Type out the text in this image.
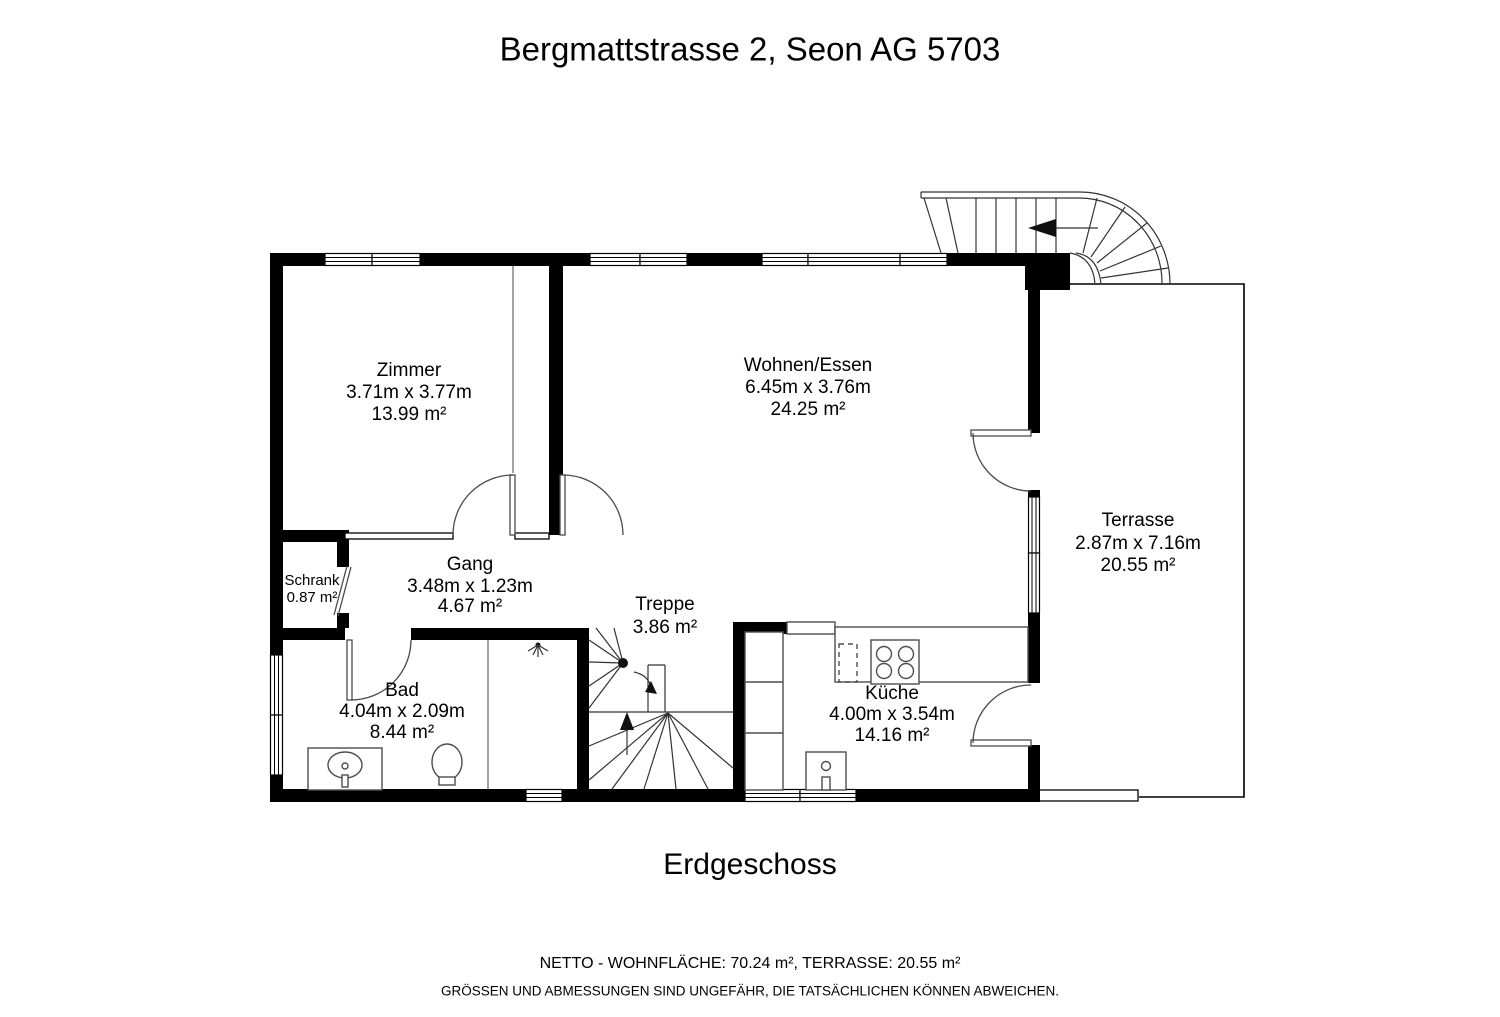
Bergmattstrasse 2, Seon AG 5703
Zimmer
3.71m x 3.77m
13.99 m²
Wohnen/Essen
6.45m x 3.76m
24.25 m²
Terrasse
2.87m x 7.16m
20.55 m²
Schrank
0.87 m²
Gang
3.48m x 1.23m
4.67 m²	Treppe
3.86 m²
Bad
4.04m x 2.09m
8.44 m²
Küche
4.00m x 3.54m
14.16 m²
Erdgeschoss
NETTO - WOHNFLÄCHE: 70.24 m², TERRASSE: 20.55 m²
GRÖSSEN UND ABMESSUNGEN SIND UNGEFÄHR, DIE TATSÄCHLICHEN KÖNNEN ABWEICHEN.
